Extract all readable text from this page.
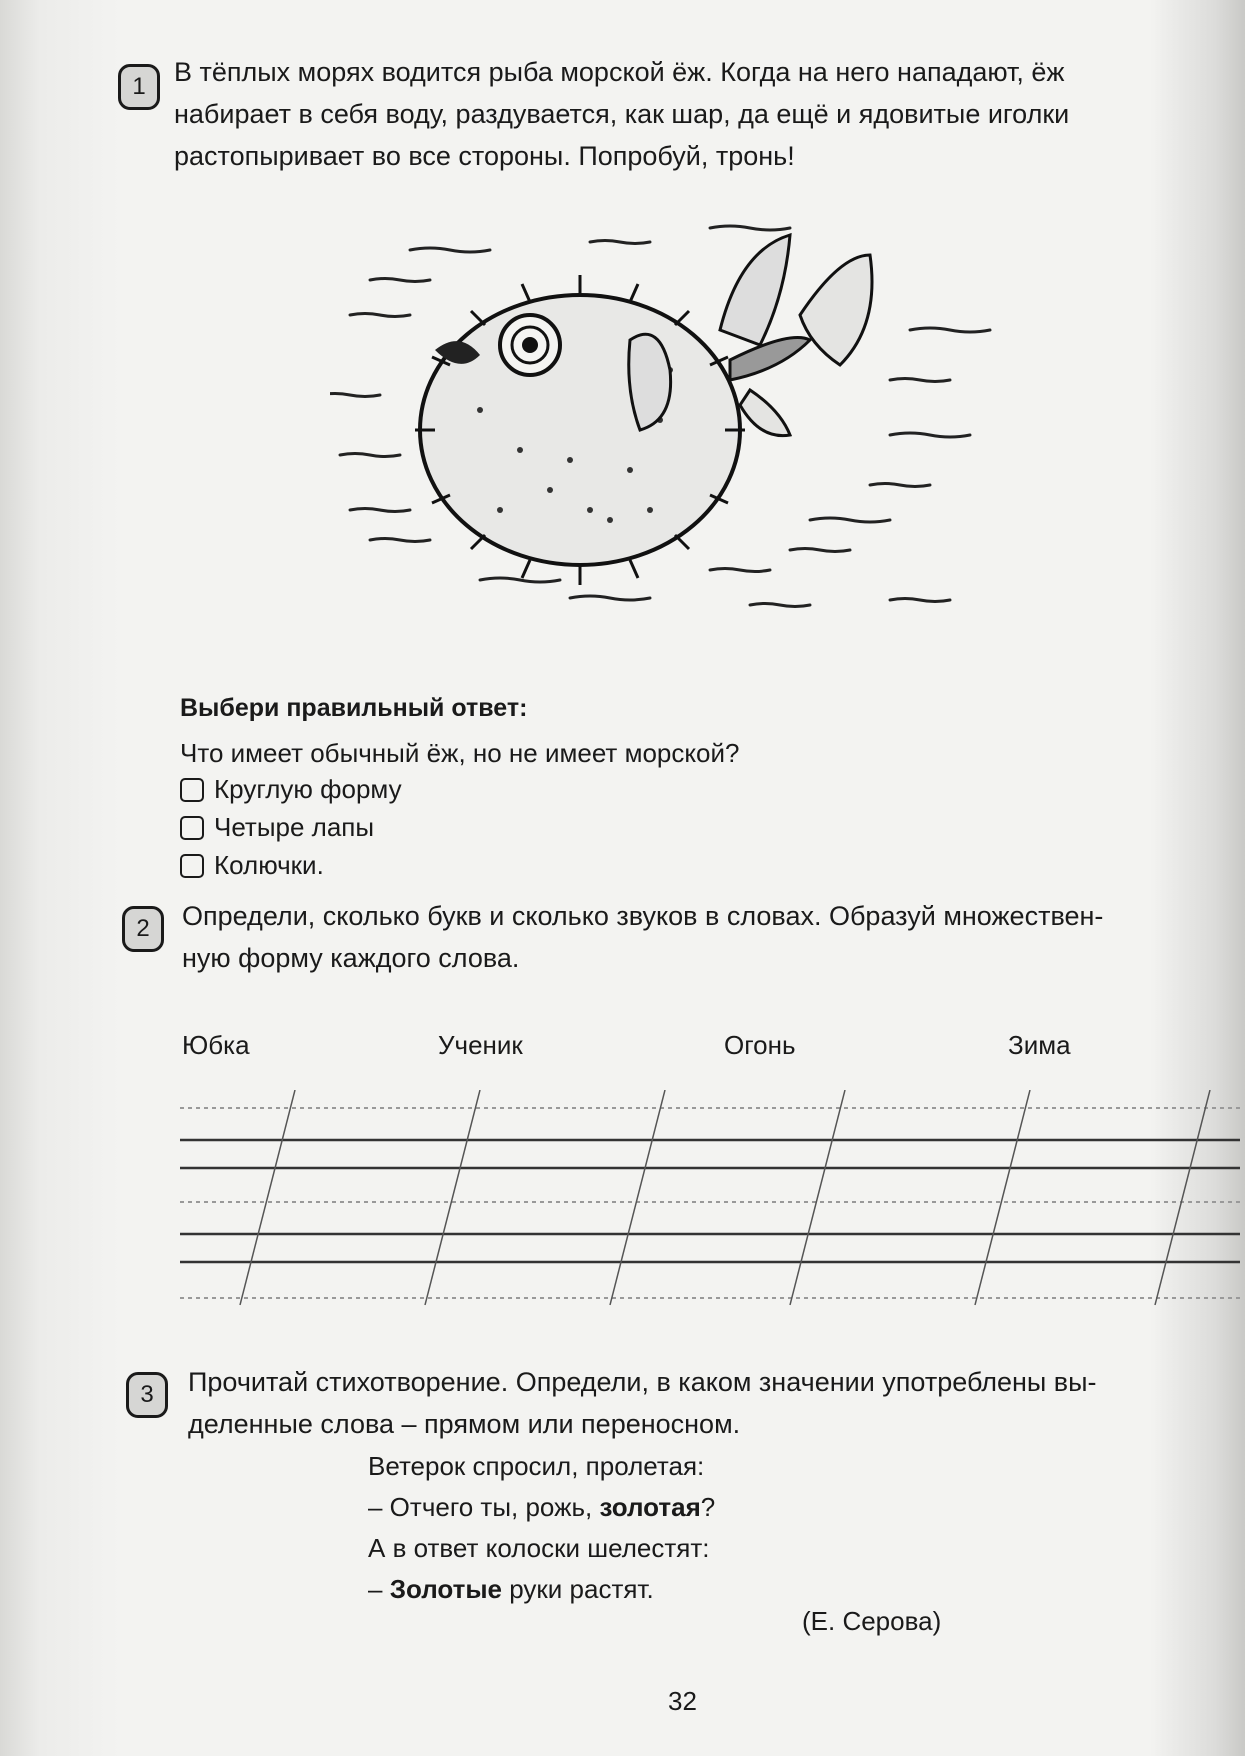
1	В тёплых морях водится рыба морской ёж. Когда на него нападают, ёж
набирает в себя воду, раздувается, как шар, да ещё и ядовитые иголки
растопыривает во все стороны. Попробуй, тронь!
Выбери правильный ответ:
Что имеет обычный ёж, но не имеет морской?
Круглую форму
Четыре лапы
Колючки.
2	Определи, сколько букв и сколько звуков в словах. Образуй множествен-
ную форму каждого слова.
Юбка	Ученик	Огонь	Зима
3	Прочитай стихотворение. Определи, в каком значении употреблены вы-
деленные слова – прямом или переносном.
Ветерок спросил, пролетая:
– Отчего ты, рожь, золотая?
А в ответ колоски шелестят:
– Золотые руки растят.
(Е. Серова)
32
